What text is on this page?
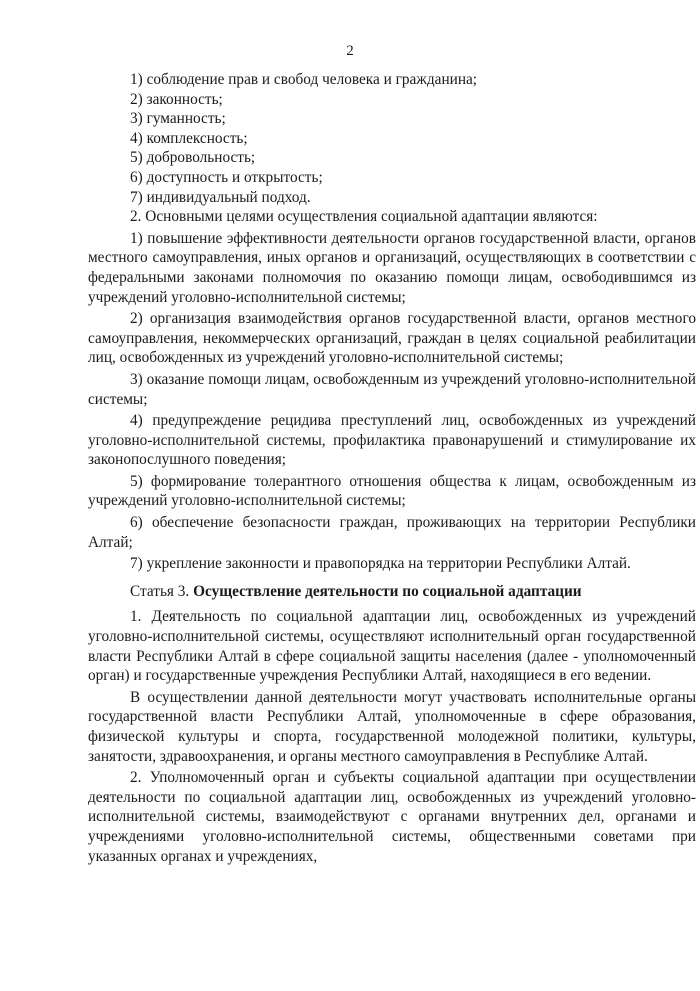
2

1) соблюдение прав и свобод человека и гражданина;

2) законность;

3) гуманность;

4) комплексность;

5) добровольность;

6) доступность и открытость;

7) индивидуальный подход.

2. Основными целями осуществления социальной адаптации являются:

1) повышение эффективности деятельности органов государственной власти, органов местного самоуправления, иных органов и организаций, осуществляющих в соответствии с федеральными законами полномочия по оказанию помощи лицам, освободившимся из учреждений уголовно-исполнительной системы;

2) организация взаимодействия органов государственной власти, органов местного самоуправления, некоммерческих организаций, граждан в целях социальной реабилитации лиц, освобожденных из учреждений уголовно-исполнительной системы;

3) оказание помощи лицам, освобожденным из учреждений уголовно-исполнительной системы;

4) предупреждение рецидива преступлений лиц, освобожденных из учреждений уголовно-исполнительной системы, профилактика правонарушений и стимулирование их законопослушного поведения;

5) формирование толерантного отношения общества к лицам, освобожденным из учреждений уголовно-исполнительной системы;

6) обеспечение безопасности граждан, проживающих на территории Республики Алтай;

7) укрепление законности и правопорядка на территории Республики Алтай.

Статья 3. Осуществление деятельности по социальной адаптации

1. Деятельность по социальной адаптации лиц, освобожденных из учреждений уголовно-исполнительной системы, осуществляют исполнительный орган государственной власти Республики Алтай в сфере социальной защиты населения (далее - уполномоченный орган) и государственные учреждения Республики Алтай, находящиеся в его ведении.

В осуществлении данной деятельности могут участвовать исполнительные органы государственной власти Республики Алтай, уполномоченные в сфере образования, физической культуры и спорта, государственной молодежной политики, культуры, занятости, здравоохранения, и органы местного самоуправления в Республике Алтай.

2. Уполномоченный орган и субъекты социальной адаптации при осуществлении деятельности по социальной адаптации лиц, освобожденных из учреждений уголовно-исполнительной системы, взаимодействуют с органами внутренних дел, органами и учреждениями уголовно-исполнительной системы, общественными советами при указанных органах и учреждениях,
